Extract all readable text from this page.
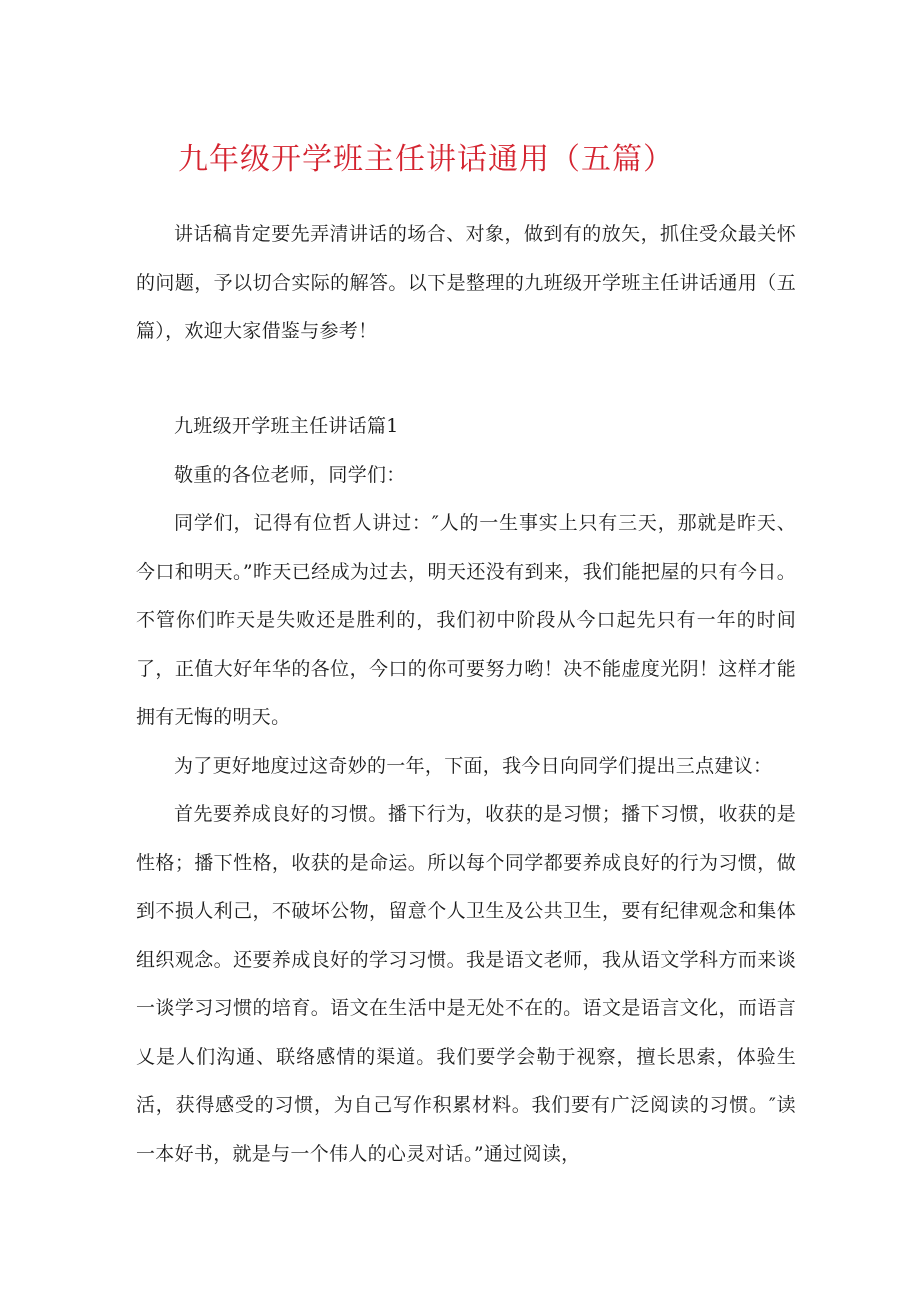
九年级开学班主任讲话通用（五篇）

讲话稿肯定要先弄清讲话的场合、对象，做到有的放矢，抓住受众最关怀的问题，予以切合实际的解答。以下是整理的九班级开学班主任讲话通用（五篇），欢迎大家借鉴与参考！

九班级开学班主任讲话篇1

敬重的各位老师，同学们：

同学们，记得有位哲人讲过：″人的一生事实上只有三天，那就是昨天、今口和明天。”昨天已经成为过去，明天还没有到来，我们能把屋的只有今日。不管你们昨天是失败还是胜利的，我们初中阶段从今口起先只有一年的时间了，正值大好年华的各位，今口的你可要努力哟！决不能虚度光阴！这样才能拥有无悔的明天。

为了更好地度过这奇妙的一年，下面，我今日向同学们提出三点建议：

首先要养成良好的习惯。播下行为，收获的是习惯；播下习惯，收获的是性格；播下性格，收获的是命运。所以每个同学都要养成良好的行为习惯，做到不损人利己，不破坏公物，留意个人卫生及公共卫生，要有纪律观念和集体组织观念。还要养成良好的学习习惯。我是语文老师，我从语文学科方而来谈一谈学习习惯的培育。语文在生活中是无处不在的。语文是语言文化，而语言乂是人们沟通、联络感情的渠道。我们要学会勒于视察，擅长思索，体验生活，获得感受的习惯，为自己写作积累材料。我们要有广泛阅读的习惯。″读一本好书，就是与一个伟人的心灵对话。”通过阅读，
